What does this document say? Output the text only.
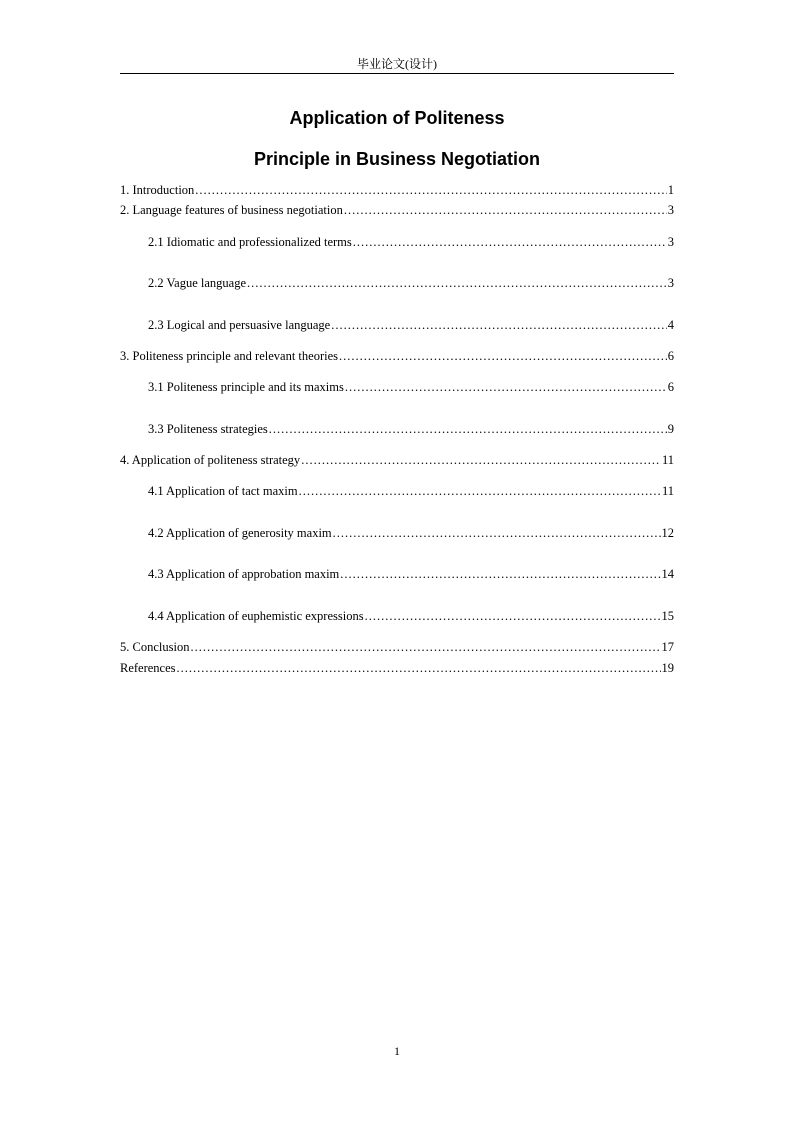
毕业论文(设计)
Application of Politeness
Principle in Business Negotiation
1. Introduction .....	1
2. Language features of business negotiation .....	3
2.1 Idiomatic and professionalized terms .....	3
2.2 Vague language .....	3
2.3 Logical and persuasive language .....	4
3. Politeness principle and relevant theories .....	6
3.1 Politeness principle and its maxims .....	6
3.3 Politeness strategies .....	9
4. Application of politeness strategy .....	11
4.1 Application of tact maxim .....	11
4.2 Application of generosity maxim .....	12
4.3 Application of approbation maxim .....	14
4.4 Application of euphemistic expressions .....	15
5. Conclusion .....	17
References .....	19
1
